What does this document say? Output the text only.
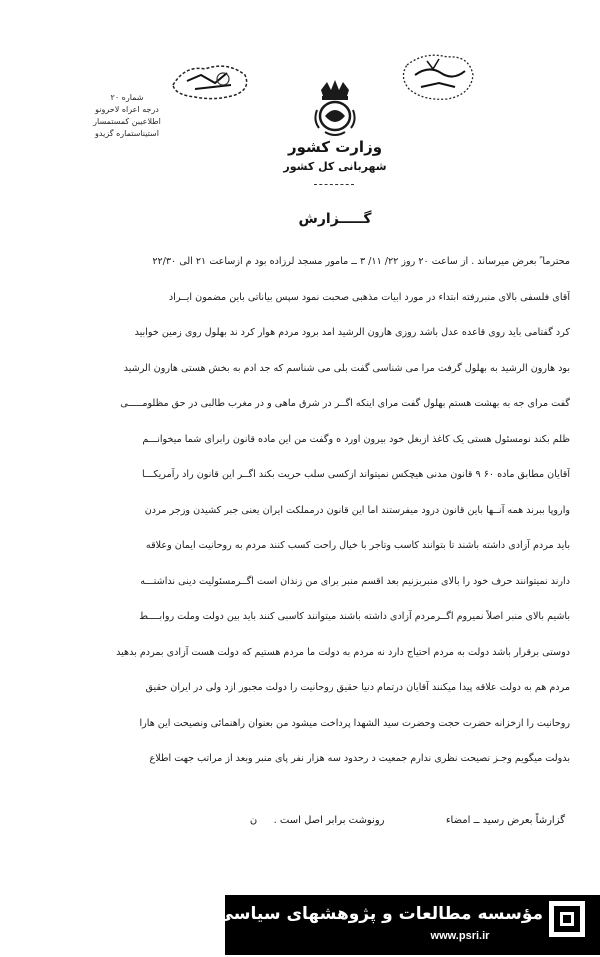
شماره ۲۰
درجه اعراه لاحرونو
اطلاعیبن کمستمسار
استیناستماره گزیدو
وزارت کشور
شهربانی کل کشور
گـــــزارش
محترما ً بعرض میرساند . از ساعت ۲۰ روز ۲۲/ ۱۱/ ۳ ــ مامور مسجد لرزاده بود م ازساعت ۲۱ الی ۲۲/۳۰
آقای فلسفی بالای منبررفته ابتداء در مورد ابیات مذهبی صحبت نمود سپس بیاناتی باین مضمون ایــراد
کرد گفتامی باید روی قاعده عدل باشد روزی هارون الرشید امد برود مردم هوار کرد ند بهلول روی زمین خوابید
بود هارون الرشید به بهلول گرفت مرا می شناسی گفت بلی می شناسم که جد ادم به بخش هستی هارون الرشید
گفت مرای جه به بهشت هستم بهلول گفت مرای اینکه اگــر در شرق ماهی و در مغرب طالبی در حق مظلومـــــی
ظلم بکند نومسئول هستی یک کاغذ ازبغل خود بیرون اورد ه وگفت من این ماده قانون رابرای شما میخوانـــم
آقایان مطابق ماده ۶۰ ۹ قانون مدنی هیچکس نمیتواند ازکسی سلب حریت بکند اگــر این قانون راد رآمریکـــا
واروپا ببرند همه آنــها باین قانون درود میفرستند اما این قانون درمملکت ایران یعنی جبر کشیدن وزجر مردن
باید مردم آزادی داشته باشند تا بتوانند کاسب وتاجر با خیال راحت کسب کنند مردم به روحانیت ایمان وعلاقه
دارند نمیتوانند حرف خود را بالای منبربزنیم بعد اقسم منبر برای من زندان است اگــرمسئولیت دینی نداشتـــه
باشیم بالای منبر اصلاً نمیروم اگــرمردم آزادی داشته باشند میتوانند کاسبی کنند باید بین دولت وملت روابــــط
دوستی برقرار باشد دولت به مردم احتیاج دارد نه مردم به دولت ما مردم هستیم که دولت هست آزادی بمردم بدهید
مردم هم به دولت علاقه پیدا میکنند آقایان درتمام دنیا حقیق روحانیت را دولت مجبور ازد ولی در ایران حقیق
روحانیت را ازخزانه حضرت حجت وحضرت سید الشهدا پرداخت میشود من بعنوان راهنمائی ونصیحت این هارا
بدولت میگویم وجـز نصیحت نظری ندارم جمعیت د رحدود سه هزار نفر پای منبر وبعد از مراتب جهت اطلاع
گزارشاً بعرض رسید ــ امضاء  رونوشت برابر اصل است .  ن
مؤسسه مطالعات و پژوهشهای سیاسی
www.psri.ir
